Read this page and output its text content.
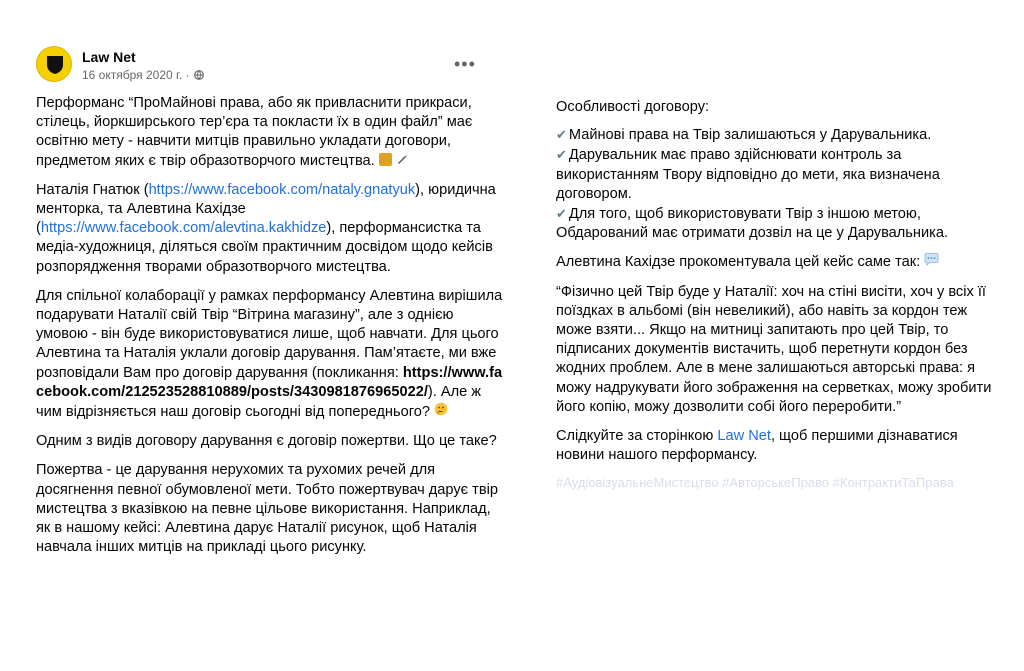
Law Net
16 октября 2020 г. ·
•••

Перформанс “ПроМайнові права, або як привласнити прикраси, стілець, йоркширського тер’єра та покласти їх в один файл” має освітню мету - навчити митців правильно укладати договори, предметом яких є твір образотворчого мистецтва.

Наталія Гнатюк (https://www.facebook.com/nataly.gnatyuk), юридична менторка, та Алевтина Кахідзе (https://www.facebook.com/alevtina.kakhidze), перформансистка та медіа-художниця, діляться своїм практичним досвідом щодо кейсів розпорядження творами образотворчого мистецтва.

Для спільної колаборації у рамках перформансу Алевтина вирішила подарувати Наталії свій Твір “Вітрина магазину”, але з однією умовою - він буде використовуватися лише, щоб навчати. Для цього Алевтина та Наталія уклали договір дарування. Пам’ятаєте, ми вже розповідали Вам про договір дарування (покликання: https://www.facebook.com/212523528810889/posts/3430981876965022/). Але ж чим відрізняється наш договір сьогодні від попереднього?

Одним з видів договору дарування є договір пожертви. Що це таке?

Пожертва - це дарування нерухомих та рухомих речей для досягнення певної обумовленої мети. Тобто пожертвувач дарує твір мистецтва з вказівкою на певне цільове використання. Наприклад, як в нашому кейсі: Алевтина дарує Наталії рисунок, щоб Наталія навчала інших митців на прикладі цього рисунку.

Особливості договору:

✔ Майнові права на Твір залишаються у Дарувальника.

✔ Дарувальник має право здійснювати контроль за використанням Твору відповідно до мети, яка визначена договором.

✔ Для того, щоб використовувати Твір з іншою метою, Обдарований має отримати дозвіл на це у Дарувальника.

Алевтина Кахідзе прокоментувала цей кейс саме так:

“Фізично цей Твір буде у Наталії: хоч на стіні висіти, хоч у всіх її поїздках в альбомі (він невеликий), або навіть за кордон теж може взяти... Якщо на митниці запитають про цей Твір, то підписаних документів вистачить, щоб перетнути кордон без жодних проблем. Але в мене залишаються авторські права: я можу надрукувати його зображення на серветках, можу зробити його копію, можу дозволити собі його переробити.”

Слідкуйте за сторінкою Law Net, щоб першими дізнаватися новини нашого перформансу.

#АудіовізуальнеМистецтво #АвторськеПраво #КонтрактиТаПрава
